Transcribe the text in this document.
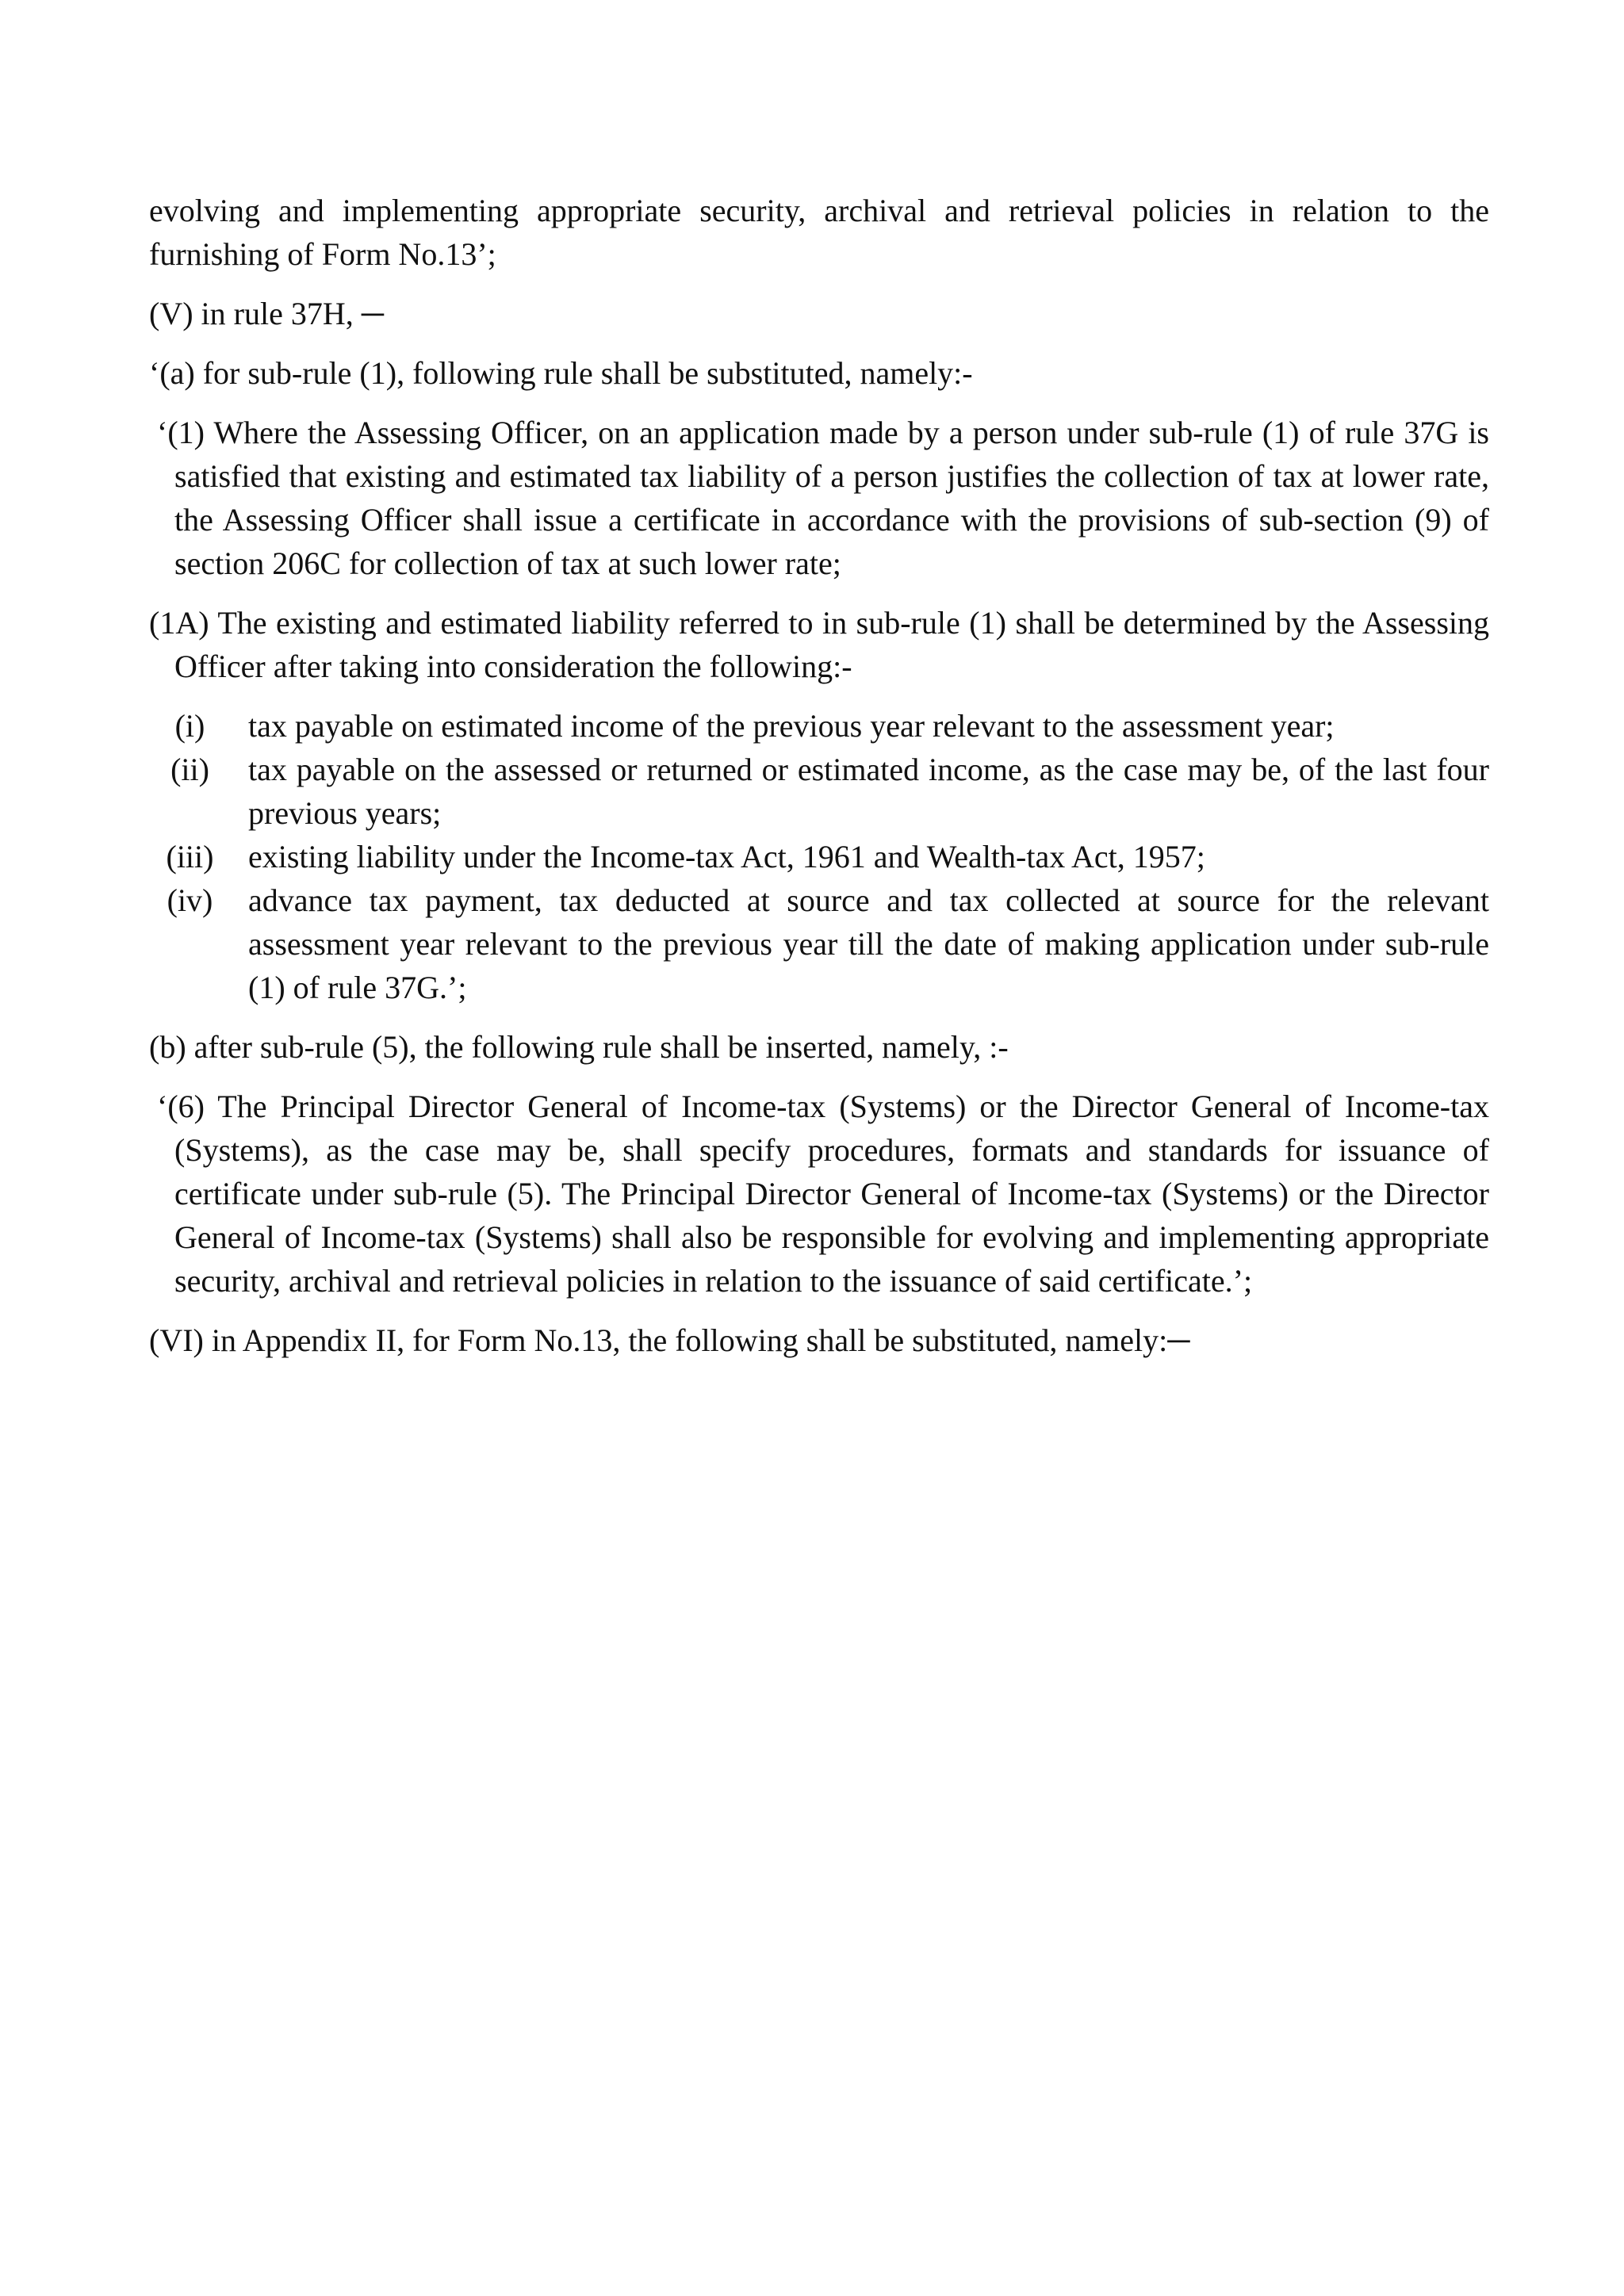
evolving and implementing appropriate security, archival and retrieval policies in relation to the furnishing of Form No.13’;

(V) in rule 37H, ─

‘(a) for sub-rule (1), following rule shall be substituted, namely:-

‘(1) Where the Assessing Officer, on an application made by a person under sub-rule (1) of rule 37G is satisfied that existing and estimated tax liability of a person justifies the collection of tax at lower rate, the Assessing Officer shall issue a certificate in accordance with the provisions of sub-section (9) of section 206C for collection of tax at such lower rate;

(1A) The existing and estimated liability referred to in sub-rule (1) shall be determined by the Assessing Officer after taking into consideration the following:-

(i)	tax payable on estimated income of the previous year relevant to the assessment year;
(ii)	tax payable on the assessed or returned or estimated income, as the case may be, of the last four previous years;
(iii)	existing liability under the Income-tax Act, 1961 and Wealth-tax Act, 1957;
(iv)	advance tax payment, tax deducted at source and tax collected at source for the relevant assessment year relevant to the previous year till the date of making application under sub-rule (1) of rule 37G.’;

(b) after sub-rule (5), the following rule shall be inserted, namely, :-

‘(6) The Principal Director General of Income-tax (Systems) or the Director General of Income-tax (Systems), as the case may be, shall specify procedures, formats and standards for issuance of certificate under sub-rule (5). The Principal Director General of Income-tax (Systems) or the Director General of Income-tax (Systems) shall also be responsible for evolving and implementing appropriate security, archival and retrieval policies in relation to the issuance of said certificate.’;

(VI) in Appendix II, for Form No.13, the following shall be substituted, namely:─
